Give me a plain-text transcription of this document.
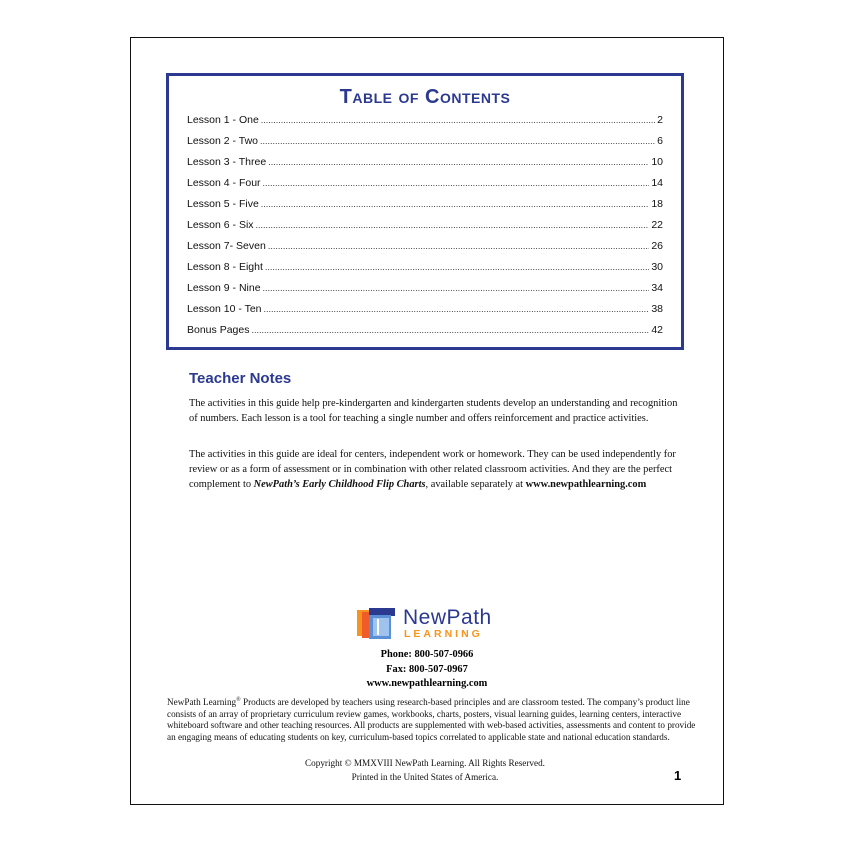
Table of Contents
Lesson 1 - One .....	2
Lesson 2 - Two .....	6
Lesson 3 - Three .....	10
Lesson 4 - Four .....	14
Lesson 5 - Five .....	18
Lesson 6 - Six .....	22
Lesson 7- Seven .....	26
Lesson 8 - Eight .....	30
Lesson 9 - Nine .....	34
Lesson 10 - Ten .....	38
Bonus Pages .....	42
Teacher Notes
The activities in this guide help pre-kindergarten and kindergarten students develop an understanding and recognition of numbers. Each lesson is a tool for teaching a single number and offers reinforcement and practice activities.
The activities in this guide are ideal for centers, independent work or homework. They can be used independently for review or as a form of assessment or in combination with other related classroom activities. And they are the perfect complement to NewPath’s Early Childhood Flip Charts, available separately at www.newpathlearning.com
NewPath
LEARNING
Phone: 800-507-0966
Fax: 800-507-0967
www.newpathlearning.com
NewPath Learning® Products are developed by teachers using research-based principles and are classroom tested. The company’s product line consists of an array of proprietary curriculum review games, workbooks, charts, posters, visual learning guides, learning centers, interactive whiteboard software and other teaching resources. All products are supplemented with web-based activities, assessments and content to provide an engaging means of educating students on key, curriculum-based topics correlated to applicable state and national education standards.
Copyright © MMXVIII NewPath Learning. All Rights Reserved.
Printed in the United States of America.	1
